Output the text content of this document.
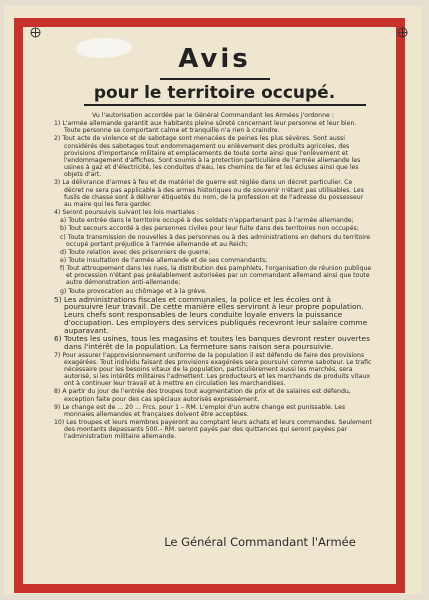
Avis
pour le territoire occupé.
Vu l'autorisation accordée par le Général Commandant les Armées j'ordonne :
1) L'armée allemande garantit aux habitants pleine sûreté concernant leur personne et leur bien. Toute personne se comportant calme et tranquille n'a rien à craindre.
2) Tout acte de violence et de sabotage sont menacées de peines les plus sévères. Sont aussi considérés des sabotages tout endommagement ou enlèvement des produits agricoles, des provisions d'importance militaire et emplacements de toute sorte ainsi que l'enlèvement et l'endommagement d'affiches. Sont soumis à la protection particulière de l'armée allemande les usines à gaz et d'électricité, les conduites d'eau, les chemins de fer et les écluses ainsi que les objets d'art.
3) La délivrance d'armes à feu et de matériel de guerre est réglée dans un décret particulier. Ce décret ne sera pas applicable à des armes historiques ou de souvenir n'étant pas utilisables. Les fusils de chasse sont à délivrer étiquetés du nom, de la profession et de l'adresse du possesseur au maire qui les fera garder.
4) Seront poursuivis suivant les lois martiales :
a) Toute entrée dans le territoire occupé à des soldats n'appartenant pas à l'armée allemande;
b) Tout secours accordé à des personnes civiles pour leur fuite dans des territoires non occupés;
c) Toute transmission de nouvelles à des personnes ou à des administrations en dehors du territoire occupé portant préjudice à l'armée allemande et au Reich;
d) Toute relation avec des prisonniers de guerre;
e) Toute insultation de l'armée allemande et de ses commandants;
f) Tout attroupement dans les rues, la distribution des pamphlets, l'organisation de réunion publique et procession n'étant pas préalablement autorisées par un commandant allemand ainsi que toute autre démonstration anti-allemande;
g) Toute provocation au chômage et à la grève.
5) Les administrations fiscales et communales, la police et les écoles ont à poursuivre leur travail. De cette manière elles serviront à leur propre population. Leurs chefs sont responsables de leurs conduite loyale envers la puissance d'occupation. Les employers des services publiqués recevront leur salaire comme auparavant.
6) Toutes les usines, tous les magasins et toutes les banques devront rester ouvertes dans l'intérêt de la population. La fermeture sans raison sera poursuivie.
7) Pour assurer l'approvisionnement uniforme de la population il est défendu de faire des provisions exagérées. Tout individu faisant des provisions exagérées sera poursuivi comme saboteur. Le trafic nécessaire pour les besoins vitaux de la population, particulièrement aussi les marchés, sera autorisé, si les intérêts militaires l'admettent. Les producteurs et les marchands de produits vitaux ont à continuer leur travail et à mettre en circulation les marchandises.
8) A partir du jour de l'entrée des troupes tout augmentation de prix et de salaires est défendu, exception faite pour des cas spéciaux autorisés expressément.
9) Le change est de ... 20 ... Frcs. pour 1 – RM. L'emploi d'un autre change est punissable. Les monnaies allemandes et françaises doivent être acceptées.
10) Les troupes et leurs membres payeront au comptant leurs achats et leurs commandes. Seulement des montants depassants 500.– RM. seront payés par des quittances qui seront payées par l'administration militaire allemande.
Le Général Commandant l'Armée
